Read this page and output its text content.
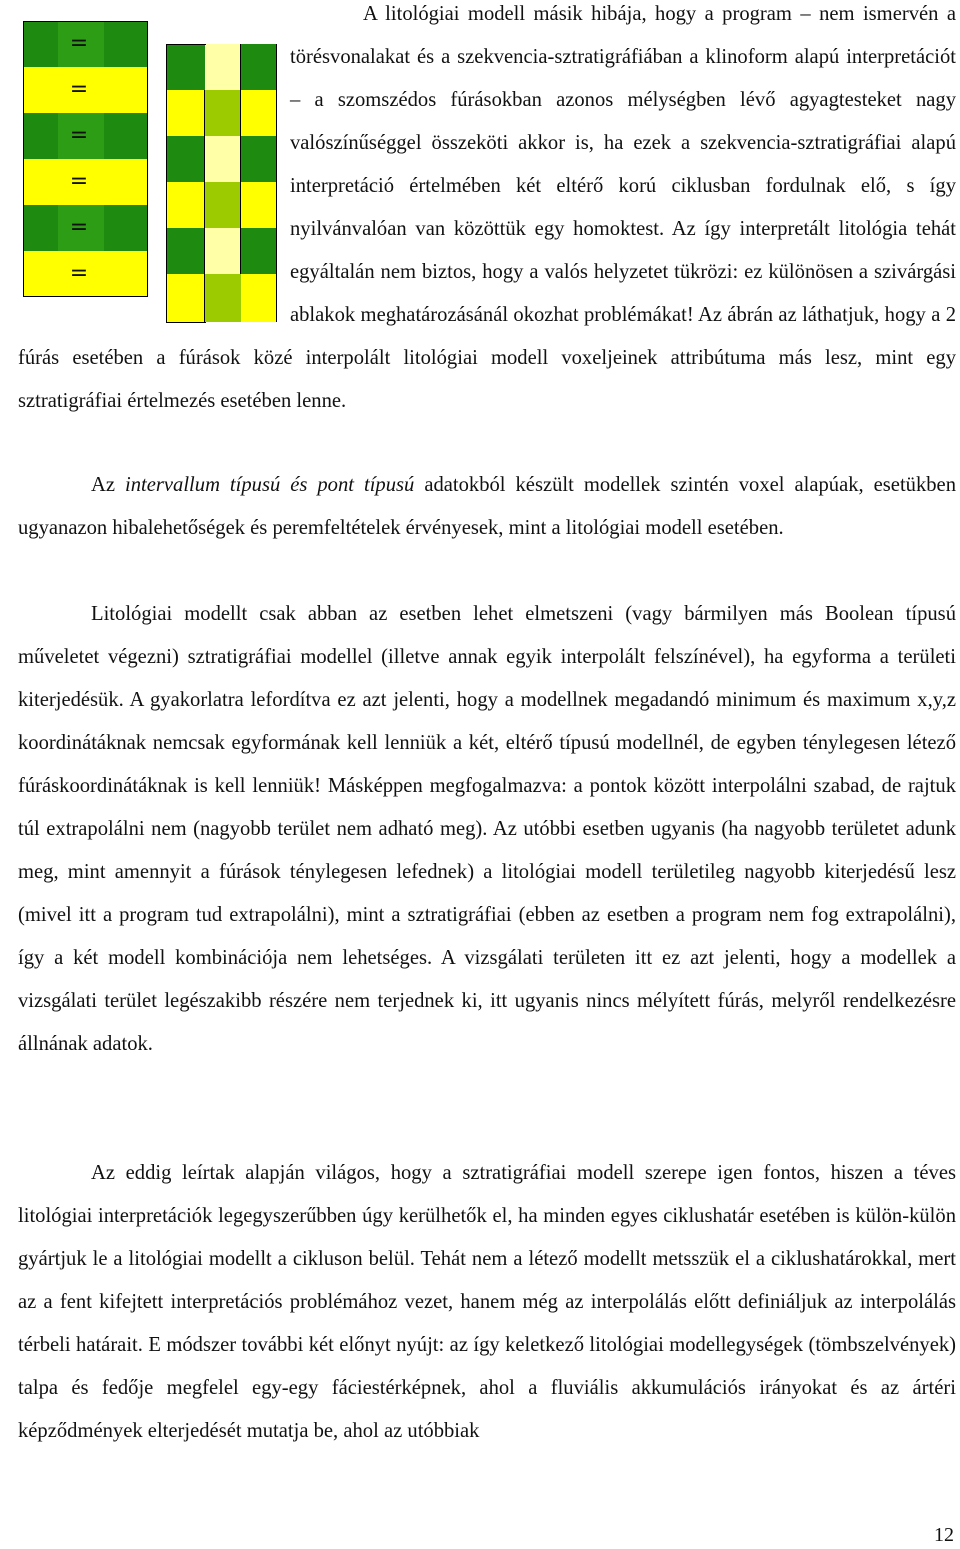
=
=
=
=
=
=

A litológiai modell másik hibája, hogy a program – nem ismervén a törésvonalakat és a szekvencia-sztratigráfiában a klinoform alapú interpretációt – a szomszédos fúrásokban azonos mélységben lévő agyagtesteket nagy valószínűséggel összeköti akkor is, ha ezek a szekvencia-sztratigráfiai alapú interpretáció értelmében két eltérő korú ciklusban fordulnak elő, s így nyilvánvalóan van közöttük egy homoktest. Az így interpretált litológia tehát egyáltalán nem biztos, hogy a valós helyzetet tükrözi: ez különösen a szivárgási ablakok meghatározásánál okozhat problémákat! Az ábrán az láthatjuk, hogy a 2 fúrás esetében a fúrások közé interpolált litológiai modell voxeljeinek attribútuma más lesz, mint egy sztratigráfiai értelmezés esetében lenne.

Az intervallum típusú és pont típusú adatokból készült modellek szintén voxel alapúak, esetükben ugyanazon hibalehetőségek és peremfeltételek érvényesek, mint a litológiai modell esetében.

Litológiai modellt csak abban az esetben lehet elmetszeni (vagy bármilyen más Boolean típusú műveletet végezni) sztratigráfiai modellel (illetve annak egyik interpolált felszínével), ha egyforma a területi kiterjedésük. A gyakorlatra lefordítva ez azt jelenti, hogy a modellnek megadandó minimum és maximum x,y,z koordinátáknak nemcsak egyformának kell lenniük a két, eltérő típusú modellnél, de egyben ténylegesen létező fúráskoordinátáknak is kell lenniük! Másképpen megfogalmazva: a pontok között interpolálni szabad, de rajtuk túl extrapolálni nem (nagyobb terület nem adható meg). Az utóbbi esetben ugyanis (ha nagyobb területet adunk meg, mint amennyit a fúrások ténylegesen lefednek) a litológiai modell területileg nagyobb kiterjedésű lesz (mivel itt a program tud extrapolálni), mint a sztratigráfiai (ebben az esetben a program nem fog extrapolálni), így a két modell kombinációja nem lehetséges. A vizsgálati területen itt ez azt jelenti, hogy a modellek a vizsgálati terület legészakibb részére nem terjednek ki, itt ugyanis nincs mélyített fúrás, melyről rendelkezésre állnának adatok.

Az eddig leírtak alapján világos, hogy a sztratigráfiai modell szerepe igen fontos, hiszen a téves litológiai interpretációk legegyszerűbben úgy kerülhetők el, ha minden egyes ciklushatár esetében is külön-külön gyártjuk le a litológiai modellt a cikluson belül. Tehát nem a létező modellt metsszük el a ciklushatárokkal, mert az a fent kifejtett interpretációs problémához vezet, hanem még az interpolálás előtt definiáljuk az interpolálás térbeli határait. E módszer további két előnyt nyújt: az így keletkező litológiai modellegységek (tömbszelvények) talpa és fedője megfelel egy-egy fáciestérképnek, ahol a fluviális akkumulációs irányokat és az ártéri képződmények elterjedését mutatja be, ahol az utóbbiak

12
